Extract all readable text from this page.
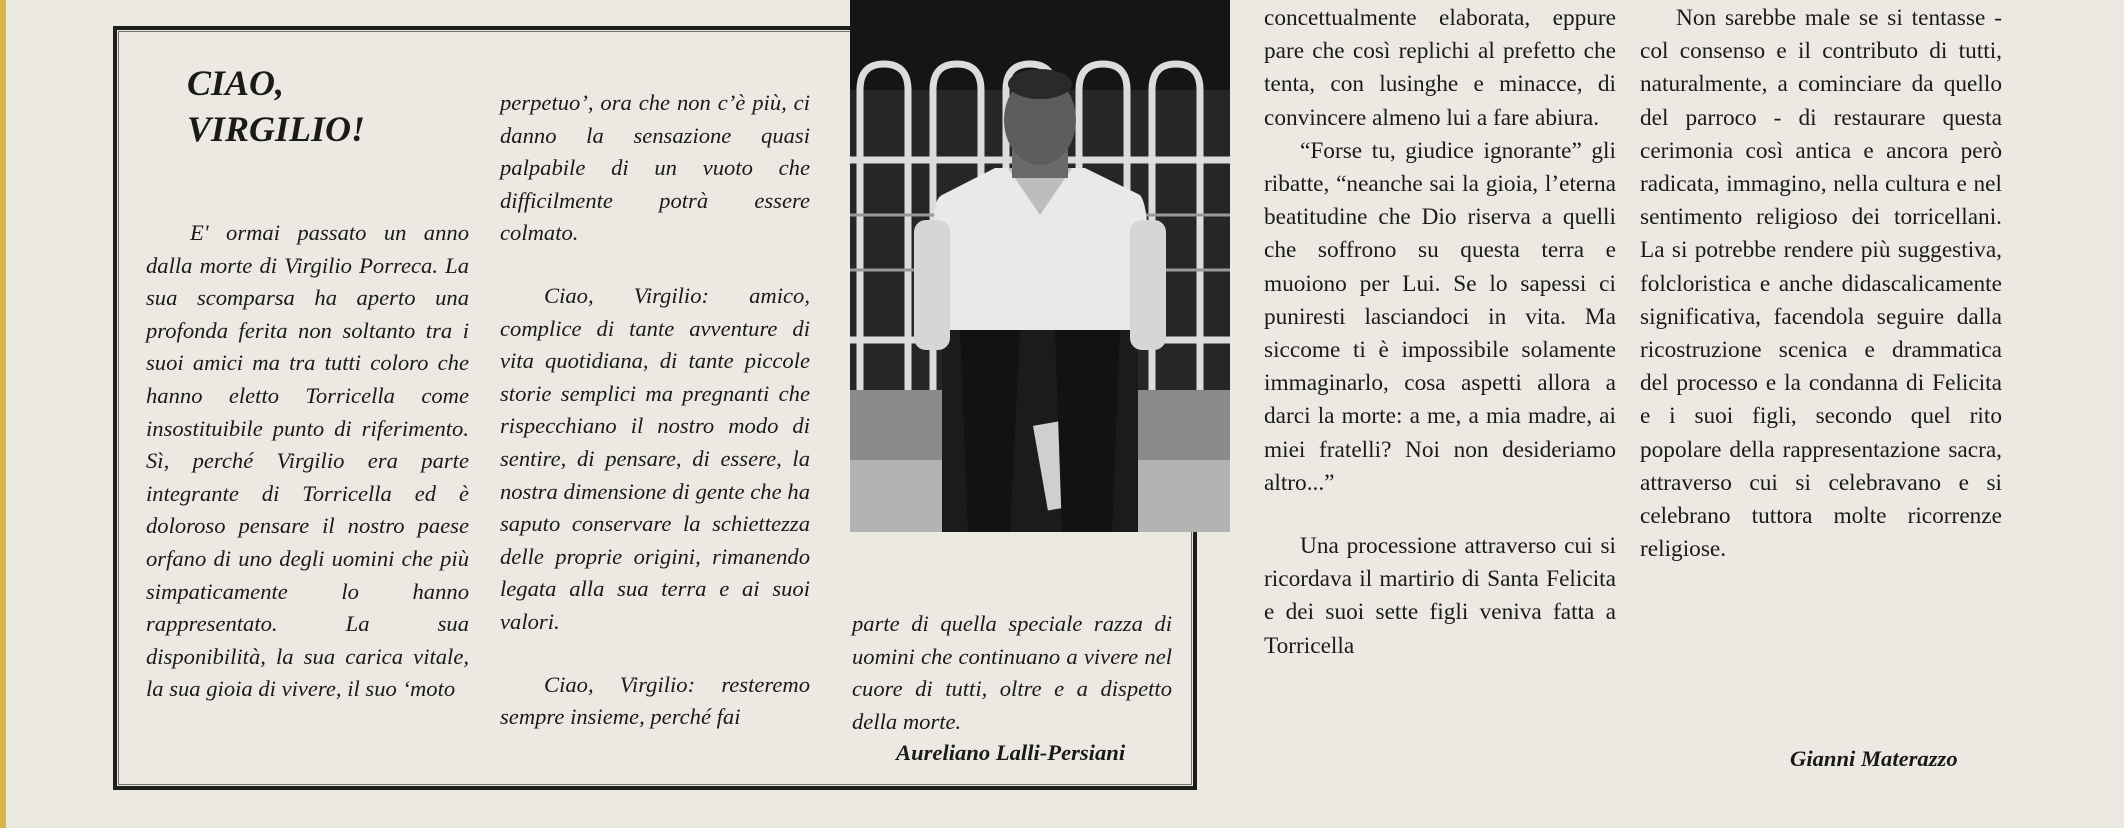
CIAO,
VIRGILIO!

E' ormai passato un anno dalla morte di Virgilio Porreca. La sua scomparsa ha aperto una profonda ferita non soltanto tra i suoi amici ma tra tutti coloro che hanno eletto Torricella come insostituibile punto di riferimento. Sì, perché Virgilio era parte integrante di Torricella ed è doloroso pensare il nostro paese orfano di uno degli uomini che più simpaticamente lo hanno rappresentato. La sua disponibilità, la sua carica vitale, la sua gioia di vivere, il suo ‘moto

perpetuo’, ora che non c’è più, ci danno la sensazione quasi palpabile di un vuoto che difficilmente potrà essere colmato.

Ciao, Virgilio: amico, complice di tante avventure di vita quotidiana, di tante piccole storie semplici ma pregnanti che rispecchiano il nostro modo di sentire, di pensare, di essere, la nostra dimensione di gente che ha saputo conservare la schiettezza delle proprie origini, rimanendo legata alla sua terra e ai suoi valori.

Ciao, Virgilio: resteremo sempre insieme, perché fai

parte di quella speciale razza di uomini che continuano a vivere nel cuore di tutti, oltre e a dispetto della morte.

Aureliano Lalli-Persiani

concettualmente elaborata, eppure pare che così replichi al prefetto che tenta, con lusinghe e minacce, di convincere almeno lui a fare abiura.

“Forse tu, giudice ignorante” gli ribatte, “neanche sai la gioia, l’eterna beatitudine che Dio riserva a quelli che soffrono su questa terra e muoiono per Lui. Se lo sapessi ci puniresti lasciandoci in vita. Ma siccome ti è impossibile solamente immaginarlo, cosa aspetti allora a darci la morte: a me, a mia madre, ai miei fratelli? Noi non desideriamo altro...”

Una processione attraverso cui si ricordava il martirio di Santa Felicita e dei suoi sette figli veniva fatta a Torricella

Non sarebbe male se si tentasse - col consenso e il contributo di tutti, naturalmente, a cominciare da quello del parroco - di restaurare questa cerimonia così antica e ancora però radicata, immagino, nella cultura e nel sentimento religioso dei torricellani. La si potrebbe rendere più suggestiva, folcloristica e anche didascalicamente significativa, facendola seguire dalla ricostruzione scenica e drammatica del processo e la condanna di Felicita e i suoi figli, secondo quel rito popolare della rappresentazione sacra, attraverso cui si celebravano e si celebrano tuttora molte ricorrenze religiose.

Gianni Materazzo
